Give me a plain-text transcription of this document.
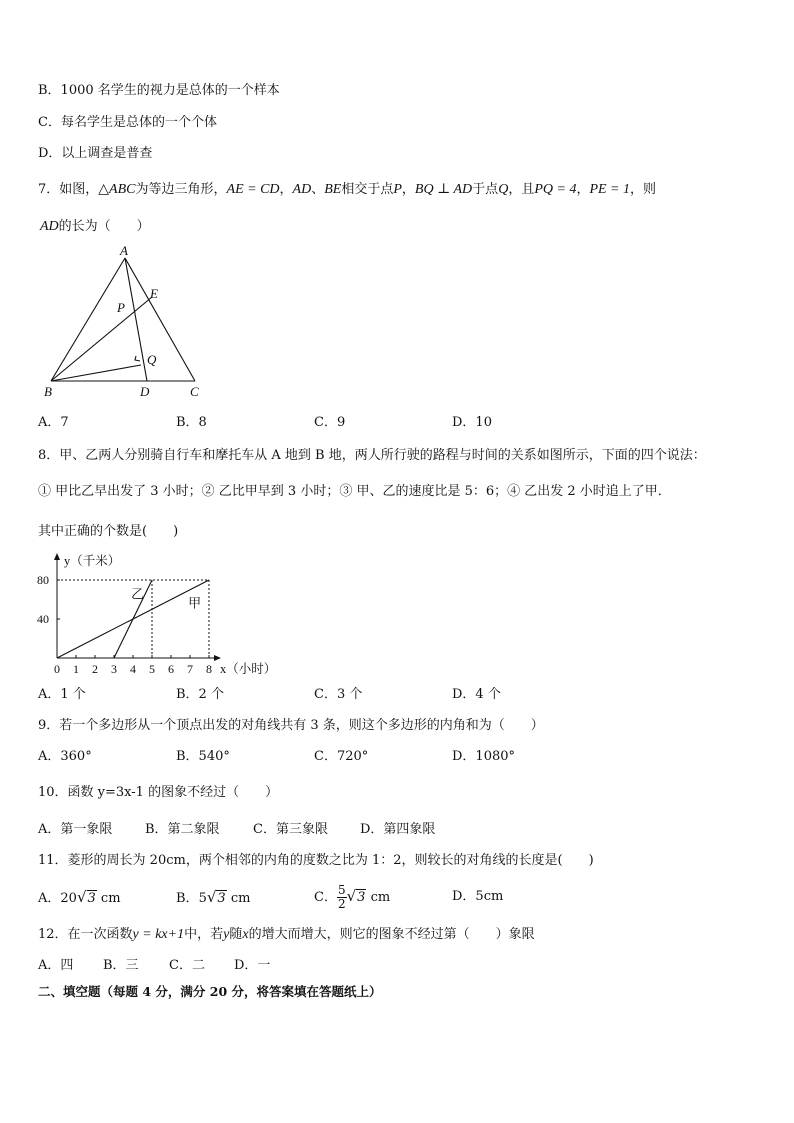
B．1000 名学生的视力是总体的一个样本
C．每名学生是总体的一个个体
D．以上调查是普查
7．如图，△ABC为等边三角形，AE = CD，AD、BE相交于点P，BQ ⊥ AD于点Q，且PQ = 4，PE = 1，则
AD的长为（　　）
A
E
P
Q
B	D	C
A．7	B．8	C．9	D．10
8．甲、乙两人分别骑自行车和摩托车从 A 地到 B 地，两人所行驶的路程与时间的关系如图所示，下面的四个说法：
① 甲比乙早出发了 3 小时；② 乙比甲早到 3 小时；③ 甲、乙的速度比是 5：6；④ 乙出发 2 小时追上了甲．
其中正确的个数是(　　)
乙
甲
0 1 2 3 4 5 6 7 8
40
80
y（千米）
x（小时）
A．1 个	B．2 个	C．3 个	D．4 个
9．若一个多边形从一个顶点出发的对角线共有 3 条，则这个多边形的内角和为（　　）
A．360°	B．540°	C．720°	D．1080°
10．函数 y=3x-1 的图象不经过（　　）
A．第一象限	B．第二象限	C．第三象限 D．第四象限
11．菱形的周长为 20cm，两个相邻的内角的度数之比为 1：2，则较长的对角线的长度是(　　)
A．20√3 cm	B．5√3 cm	C． $\frac{5}{2} √3$ cm	D．5cm
12．在一次函数y = kx+1中，若y随x的增大而增大，则它的图象不经过第（　　）象限
A．四 B．三 C．二 D．一
二、填空题（每题 4 分，满分 20 分，将答案填在答题纸上）
